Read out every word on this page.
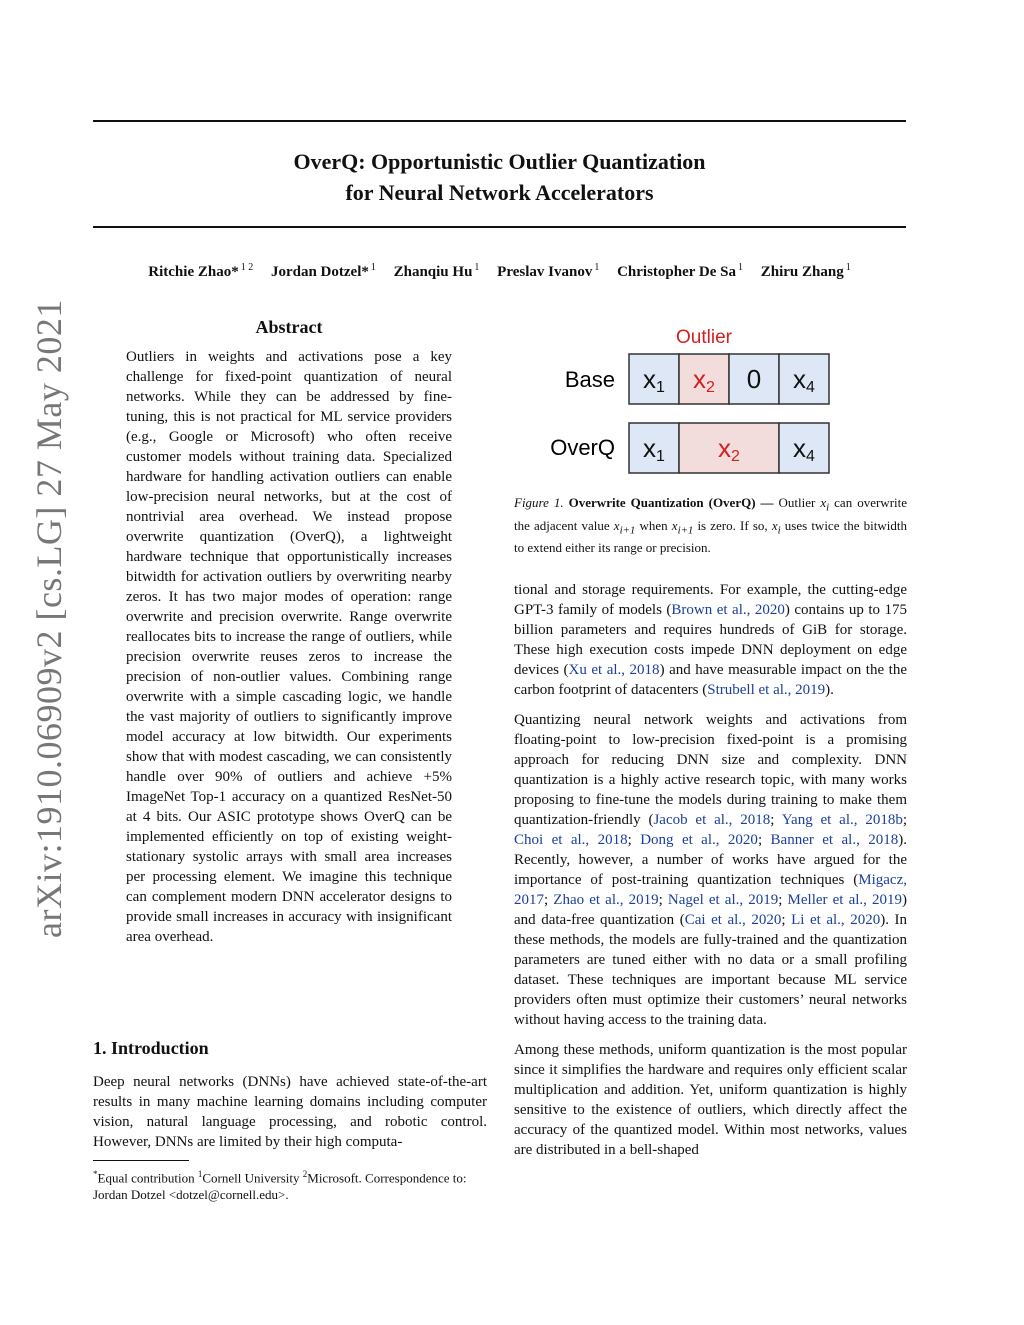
OverQ: Opportunistic Outlier Quantization
for Neural Network Accelerators
Ritchie Zhao* $^{1 2}$ Jordan Dotzel* $^1$ Zhanqiu Hu $^1$ Preslav Ivanov $^1$ Christopher De Sa $^1$ Zhiru Zhang $^1$
arXiv:1910.06909v2 [cs.LG] 27 May 2021	Abstract
Outliers in weights and activations pose a key challenge for fixed-point quantization of neural networks. While they can be addressed by fine-tuning, this is not practical for ML service providers (e.g., Google or Microsoft) who often receive customer models without training data. Specialized hardware for handling activation outliers can enable low-precision neural networks, but at the cost of nontrivial area overhead. We instead propose overwrite quantization (OverQ), a lightweight hardware technique that opportunistically increases bitwidth for activation outliers by overwriting nearby zeros. It has two major modes of operation: range overwrite and precision overwrite. Range overwrite reallocates bits to increase the range of outliers, while precision overwrite reuses zeros to increase the precision of non-outlier values. Combining range overwrite with a simple cascading logic, we handle the vast majority of outliers to significantly improve model accuracy at low bitwidth. Our experiments show that with modest cascading, we can consistently handle over 90% of outliers and achieve +5% ImageNet Top-1 accuracy on a quantized ResNet-50 at 4 bits. Our ASIC prototype shows OverQ can be implemented efficiently on top of existing weight-stationary systolic arrays with small area increases per processing element. We imagine this technique can complement modern DNN accelerator designs to provide small increases in accuracy with insignificant area overhead.
1. Introduction
Deep neural networks (DNNs) have achieved state-of-the-art results in many machine learning domains including computer vision, natural language processing, and robotic control. However, DNNs are limited by their high computa-
*Equal contribution $^1$Cornell University $^2$Microsoft. Correspondence to: Jordan Dotzel <dotzel@cornell.edu>.
Outlier
Base
OverQ
x1 x2 0 x4
x1 x2 x4
Figure 1. Overwrite Quantization (OverQ) — Outlier $x_i$ can overwrite the adjacent value $x_{i+1}$ when $x_{i+1}$ is zero. If so, $x_i$ uses twice the bitwidth to extend either its range or precision.

tional and storage requirements. For example, the cutting-edge GPT-3 family of models (Brown et al., 2020) contains up to 175 billion parameters and requires hundreds of GiB for storage. These high execution costs impede DNN deployment on edge devices (Xu et al., 2018) and have measurable impact on the the carbon footprint of datacenters (Strubell et al., 2019).

Quantizing neural network weights and activations from floating-point to low-precision fixed-point is a promising approach for reducing DNN size and complexity. DNN quantization is a highly active research topic, with many works proposing to fine-tune the models during training to make them quantization-friendly (Jacob et al., 2018; Yang et al., 2018b; Choi et al., 2018; Dong et al., 2020; Banner et al., 2018). Recently, however, a number of works have argued for the importance of post-training quantization techniques (Migacz, 2017; Zhao et al., 2019; Nagel et al., 2019; Meller et al., 2019) and data-free quantization (Cai et al., 2020; Li et al., 2020). In these methods, the models are fully-trained and the quantization parameters are tuned either with no data or a small profiling dataset. These techniques are important because ML service providers often must optimize their customers’ neural networks without having access to the training data.

Among these methods, uniform quantization is the most popular since it simplifies the hardware and requires only efficient scalar multiplication and addition. Yet, uniform quantization is highly sensitive to the existence of outliers, which directly affect the accuracy of the quantized model. Within most networks, values are distributed in a bell-shaped
